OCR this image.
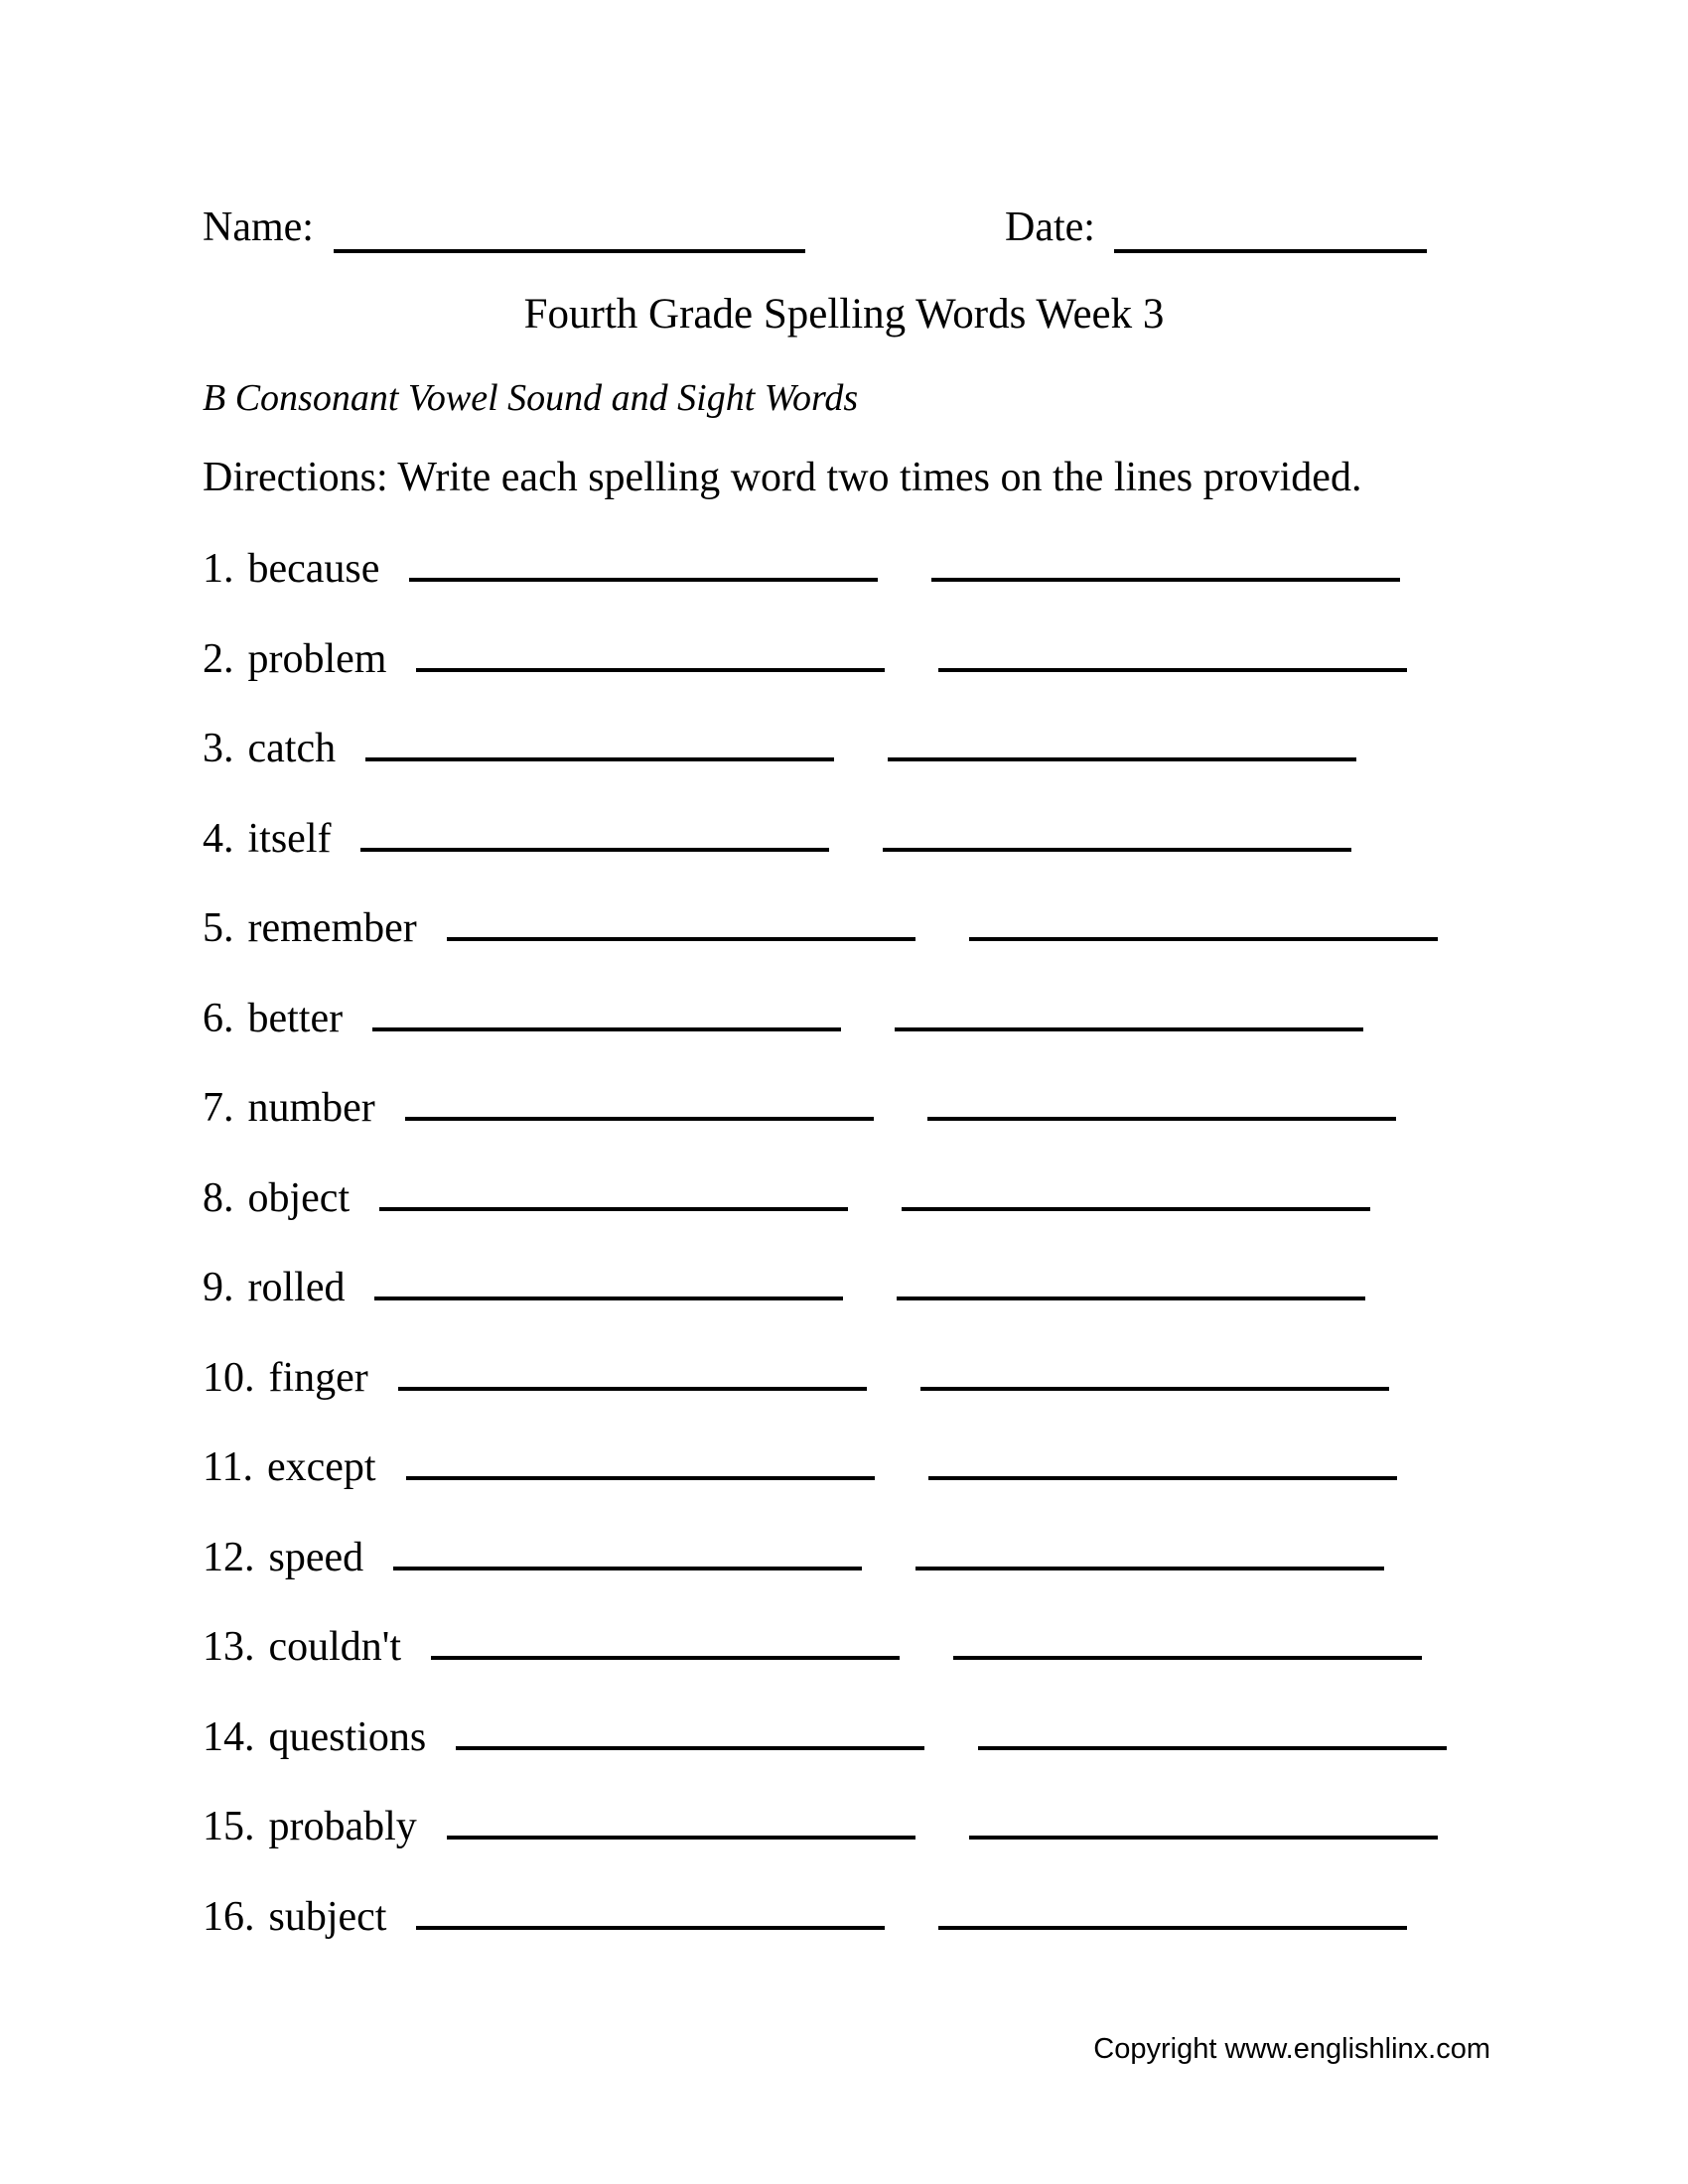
Name:	Date:
Fourth Grade Spelling Words Week 3
B Consonant Vowel Sound and Sight Words
Directions: Write each spelling word two times on the lines provided.
1. because
2. problem
3. catch
4. itself
5. remember
6. better
7. number
8. object
9. rolled
10. finger
11. except
12. speed
13. couldn't
14. questions
15. probably
16. subject
Copyright www.englishlinx.com
